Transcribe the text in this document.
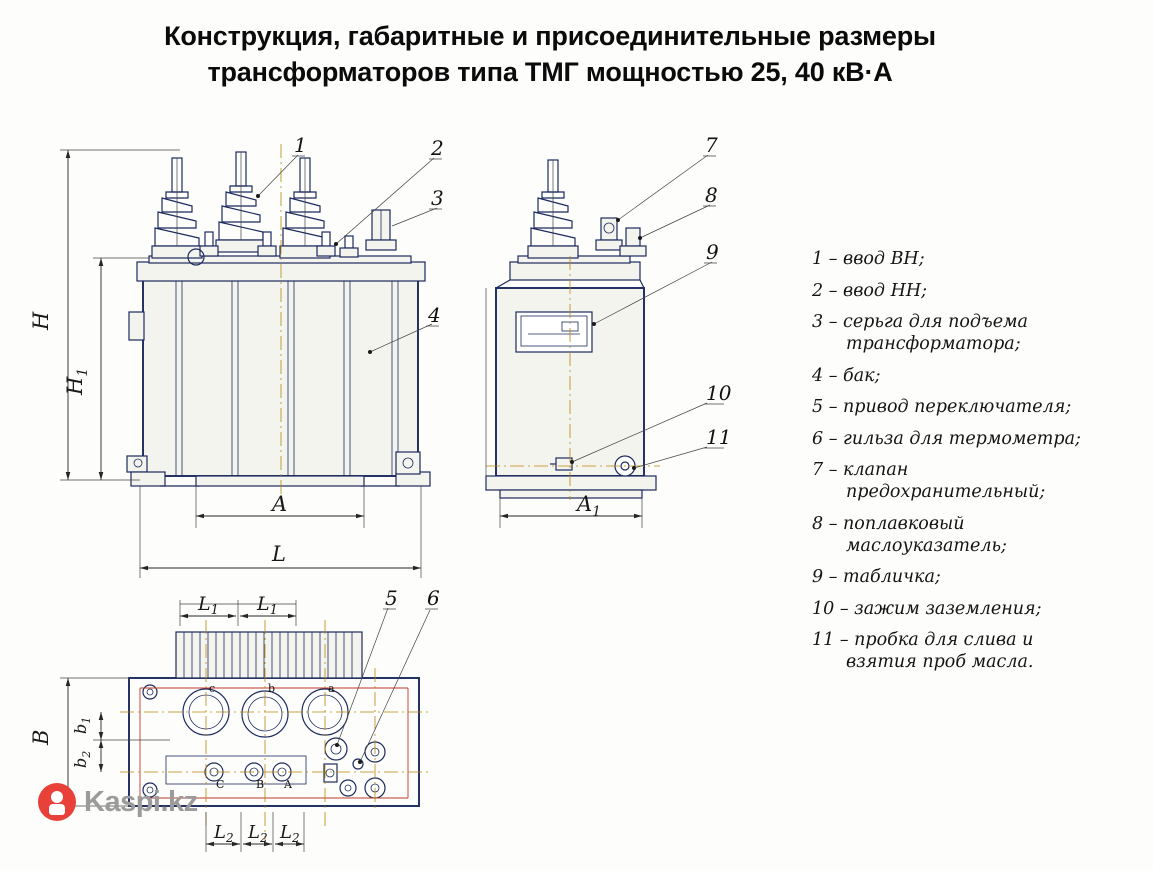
Конструкция, габаритные и присоединительные размеры
трансформаторов типа ТМГ мощностью 25, 40 кВ·А
H
$H_1$
A
L
1	2
3
4
$A_1$
7
8
9
10
11
B
$b_1$
$b_2$
$L_1$ $L_1$
$L_2$ $L_2$ $L_2$
c	b	a
C	B A
5 6
1 – ввод ВН;
2 – ввод НН;
3 – серьга для подъема
трансформатора;
4 – бак;
5 – привод переключателя;
6 – гильза для термометра;
7 – клапан
предохранительный;
8 – поплавковый
маслоуказатель;
9 – табличка;
10 – зажим заземления;
11 – пробка для слива и
взятия проб масла.
Kaspi.kz
